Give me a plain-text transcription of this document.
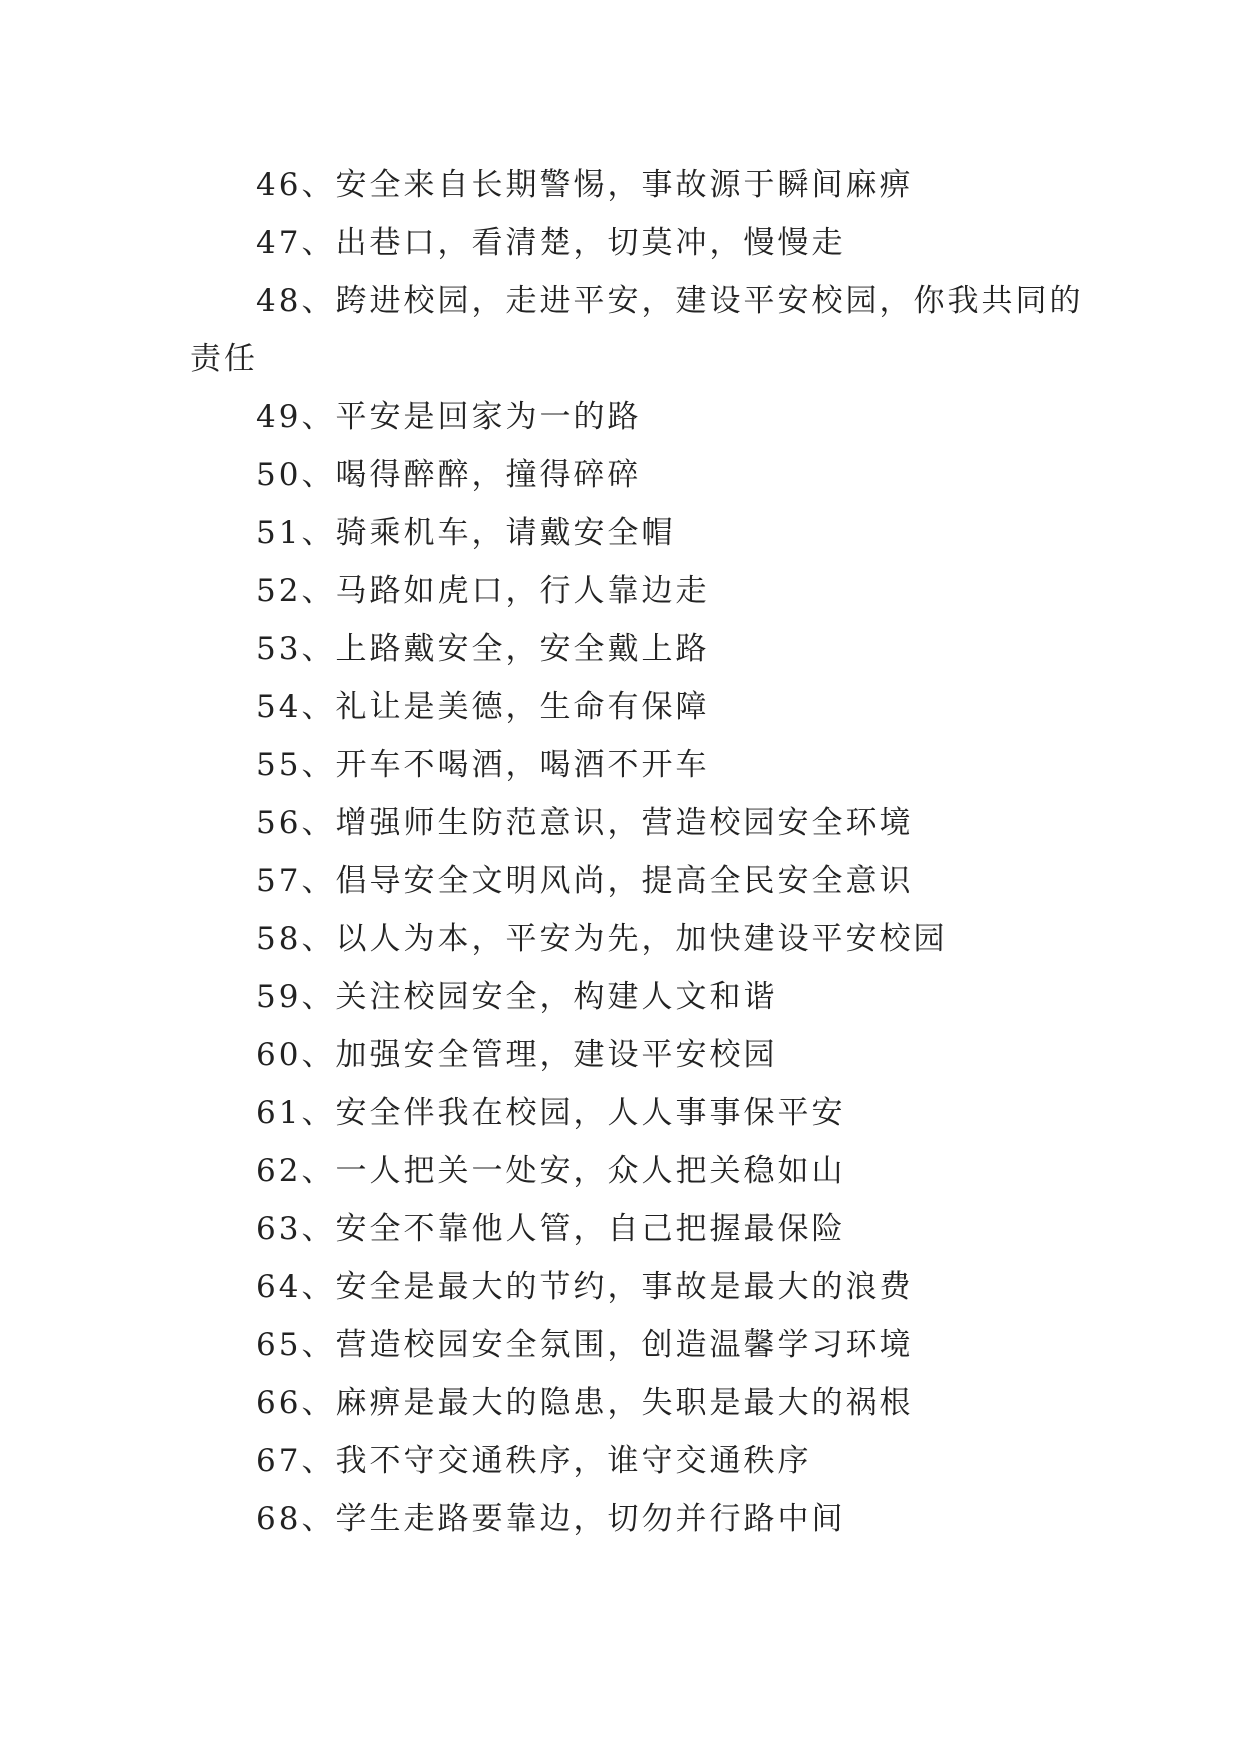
46、安全来自长期警惕，事故源于瞬间麻痹
47、出巷口，看清楚，切莫冲，慢慢走
48、跨进校园，走进平安，建设平安校园，你我共同的
责任
49、平安是回家为一的路
50、喝得醉醉，撞得碎碎
51、骑乘机车，请戴安全帽
52、马路如虎口，行人靠边走
53、上路戴安全，安全戴上路
54、礼让是美德，生命有保障
55、开车不喝酒，喝酒不开车
56、增强师生防范意识，营造校园安全环境
57、倡导安全文明风尚，提高全民安全意识
58、以人为本，平安为先，加快建设平安校园
59、关注校园安全，构建人文和谐
60、加强安全管理，建设平安校园
61、安全伴我在校园，人人事事保平安
62、一人把关一处安，众人把关稳如山
63、安全不靠他人管，自己把握最保险
64、安全是最大的节约，事故是最大的浪费
65、营造校园安全氛围，创造温馨学习环境
66、麻痹是最大的隐患，失职是最大的祸根
67、我不守交通秩序，谁守交通秩序
68、学生走路要靠边，切勿并行路中间
